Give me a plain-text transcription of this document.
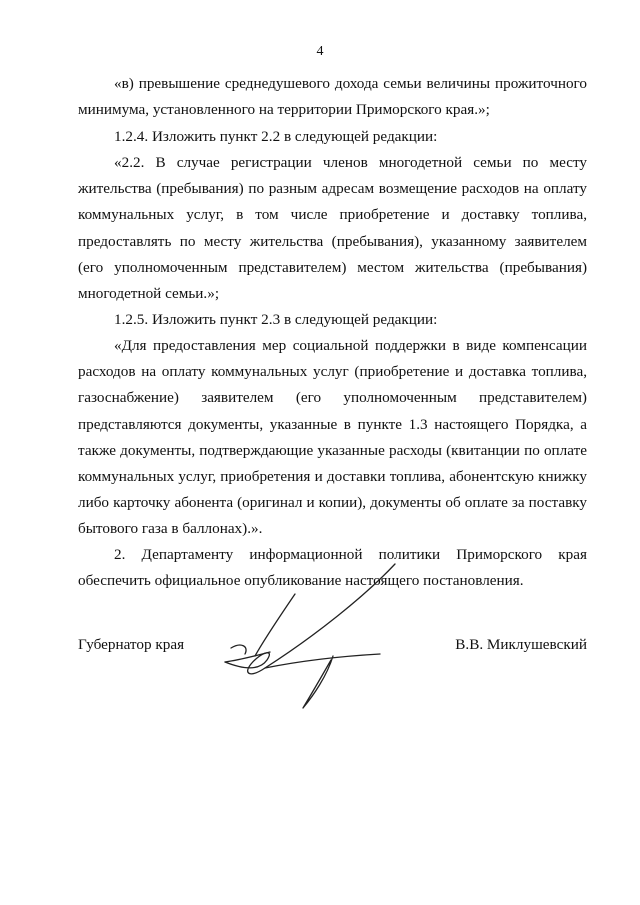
4

«в) превышение среднедушевого дохода семьи величины прожиточного минимума, установленного на территории Приморского края.»;

1.2.4. Изложить пункт 2.2 в следующей редакции:

«2.2. В случае регистрации членов многодетной семьи по месту жительства (пребывания) по разным адресам возмещение расходов на оплату коммунальных услуг, в том числе приобретение и доставку топлива, предоставлять по месту жительства (пребывания), указанному заявителем (его уполномоченным представителем) местом жительства (пребывания) многодетной семьи.»;

1.2.5. Изложить пункт 2.3 в следующей редакции:

«Для предоставления мер социальной поддержки в виде компенсации расходов на оплату коммунальных услуг (приобретение и доставка топлива, газоснабжение) заявителем (его уполномоченным представителем) представляются документы, указанные в пункте 1.3 настоящего Порядка, а также документы, подтверждающие указанные расходы (квитанции по оплате коммунальных услуг, приобретения и доставки топлива, абонентскую книжку либо карточку абонента (оригинал и копии), документы об оплате за поставку бытового газа в баллонах).».

2. Департаменту информационной политики Приморского края обеспечить официальное опубликование настоящего постановления.

Губернатор края	В.В. Миклушевский
